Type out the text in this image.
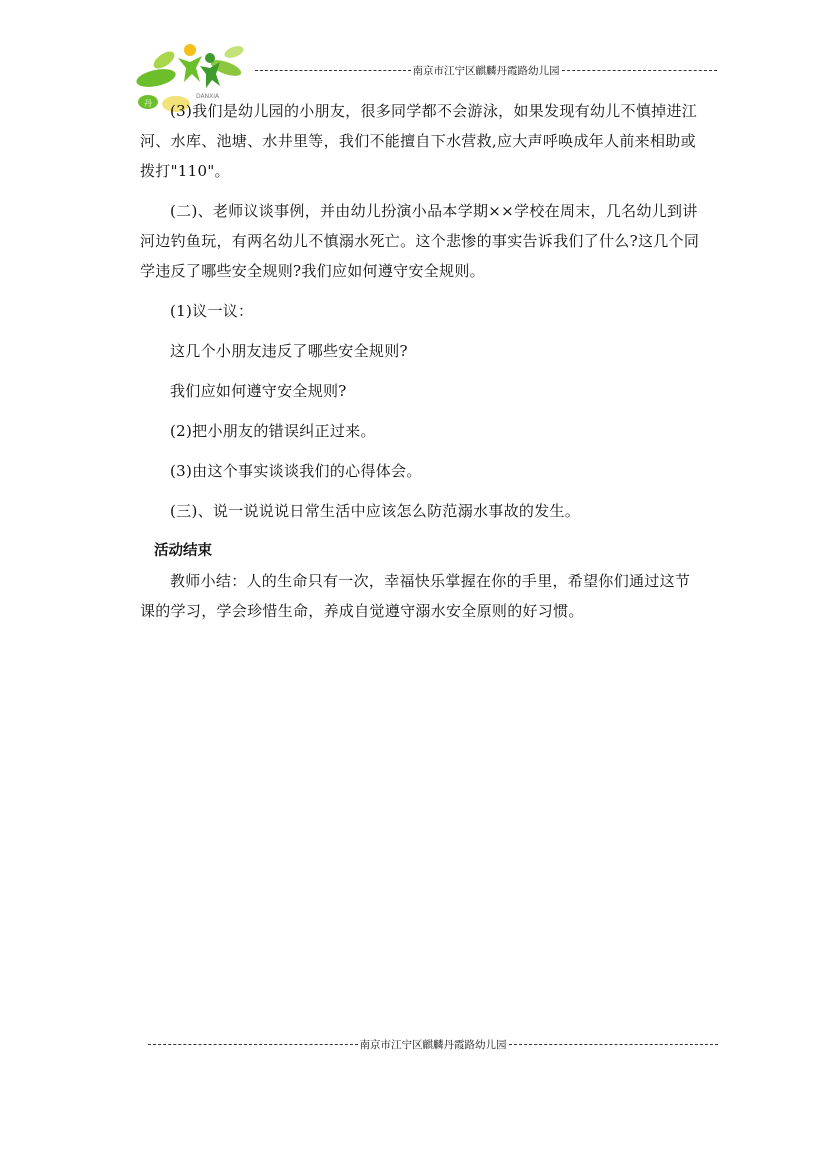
丹
DANXIA
南京市江宁区麒麟丹霞路幼儿园

(3)我们是幼儿园的小朋友，很多同学都不会游泳，如果发现有幼儿不慎掉进江河、水库、池塘、水井里等，我们不能擅自下水营救,应大声呼唤成年人前来相助或拨打"110"。

(二)、老师议谈事例，并由幼儿扮演小品本学期××学校在周末，几名幼儿到讲河边钓鱼玩，有两名幼儿不慎溺水死亡。这个悲惨的事实告诉我们了什么?这几个同学违反了哪些安全规则?我们应如何遵守安全规则。

(1)议一议：

这几个小朋友违反了哪些安全规则?

我们应如何遵守安全规则?

(2)把小朋友的错误纠正过来。

(3)由这个事实谈谈我们的心得体会。

(三)、说一说说说日常生活中应该怎么防范溺水事故的发生。

活动结束

教师小结：人的生命只有一次，幸福快乐掌握在你的手里，希望你们通过这节课的学习，学会珍惜生命，养成自觉遵守溺水安全原则的好习惯。

南京市江宁区麒麟丹霞路幼儿园
